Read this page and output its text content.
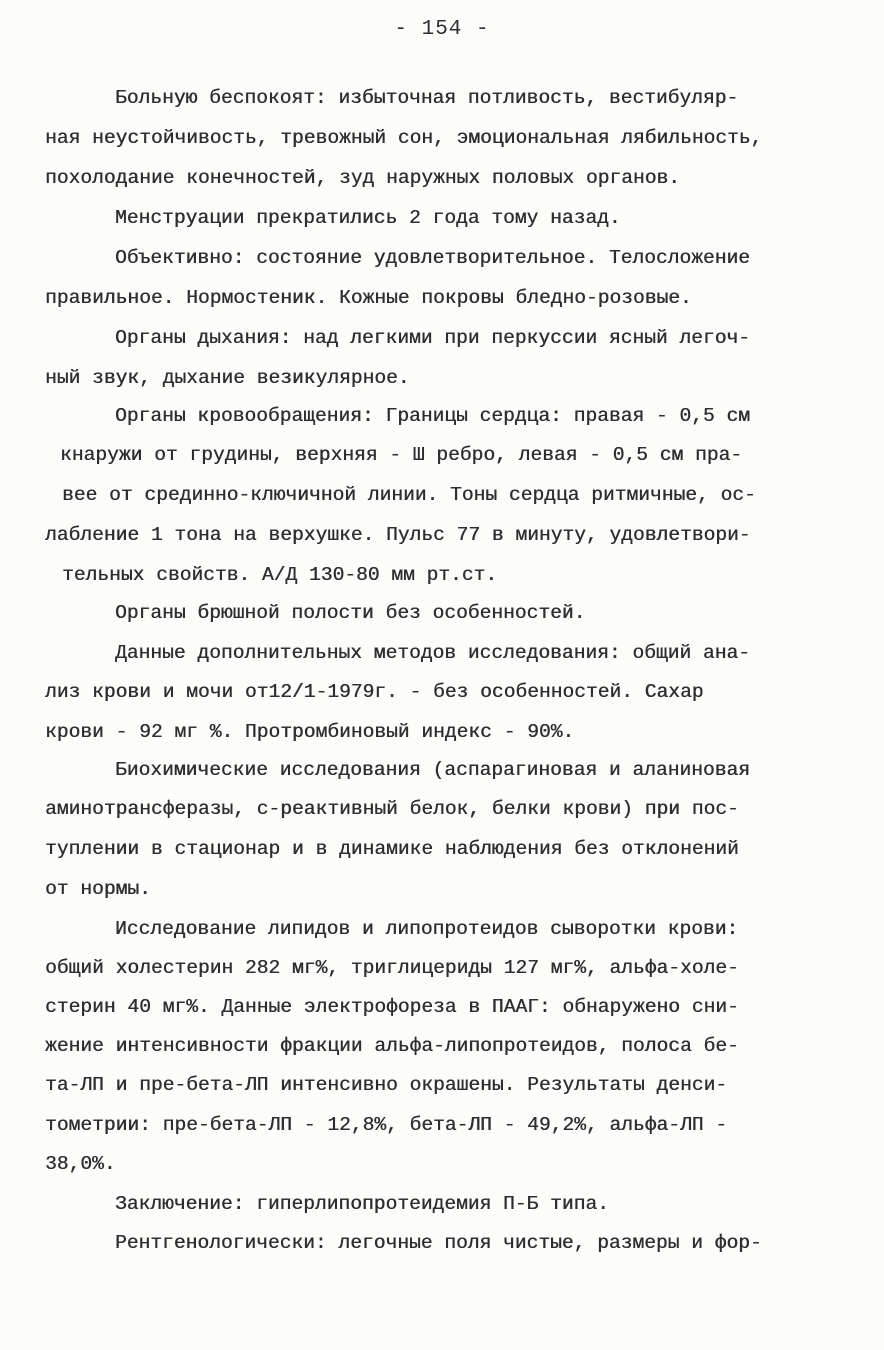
- 154 -
Больную беспокоят: избыточная потливость, вестибуляр-
ная неустойчивость, тревожный сон, эмоциональная лябильность,
похолодание конечностей, зуд наружных половых органов.
Менструации прекратились 2 года тому назад.
Объективно: состояние удовлетворительное. Телосложение
правильное. Нормостеник. Кожные покровы бледно-розовые.
Органы дыхания: над легкими при перкуссии ясный легоч-
ный звук, дыхание везикулярное.
Органы кровообращения: Границы сердца: правая - 0,5 см
кнаружи от грудины, верхняя - Ш ребро, левая - 0,5 см пра-
вее от срединно-ключичной линии. Тоны сердца ритмичные, ос-
лабление 1 тона на верхушке. Пульс 77 в минуту, удовлетвори-
тельных свойств. А/Д 130-80 мм рт.ст.
Органы брюшной полости без особенностей.
Данные дополнительных методов исследования: общий ана-
лиз крови и мочи от12/1-1979г. - без особенностей. Сахар
крови - 92 мг %. Протромбиновый индекс - 90%.
Биохимические исследования (аспарагиновая и аланиновая
аминотрансферазы, с-реактивный белок, белки крови) при пос-
туплении в стационар и в динамике наблюдения без отклонений
от нормы.
Исследование липидов и липопротеидов сыворотки крови:
общий холестерин 282 мг%, триглицериды 127 мг%, альфа-холе-
стерин 40 мг%. Данные электрофореза в ПААГ: обнаружено сни-
жение интенсивности фракции альфа-липопротеидов, полоса бе-
та-ЛП и пре-бета-ЛП интенсивно окрашены. Результаты денси-
тометрии: пре-бета-ЛП - 12,8%, бета-ЛП - 49,2%, альфа-ЛП -
38,0%.
Заключение: гиперлипопротеидемия П-Б типа.
Рентгенологически: легочные поля чистые, размеры и фор-
